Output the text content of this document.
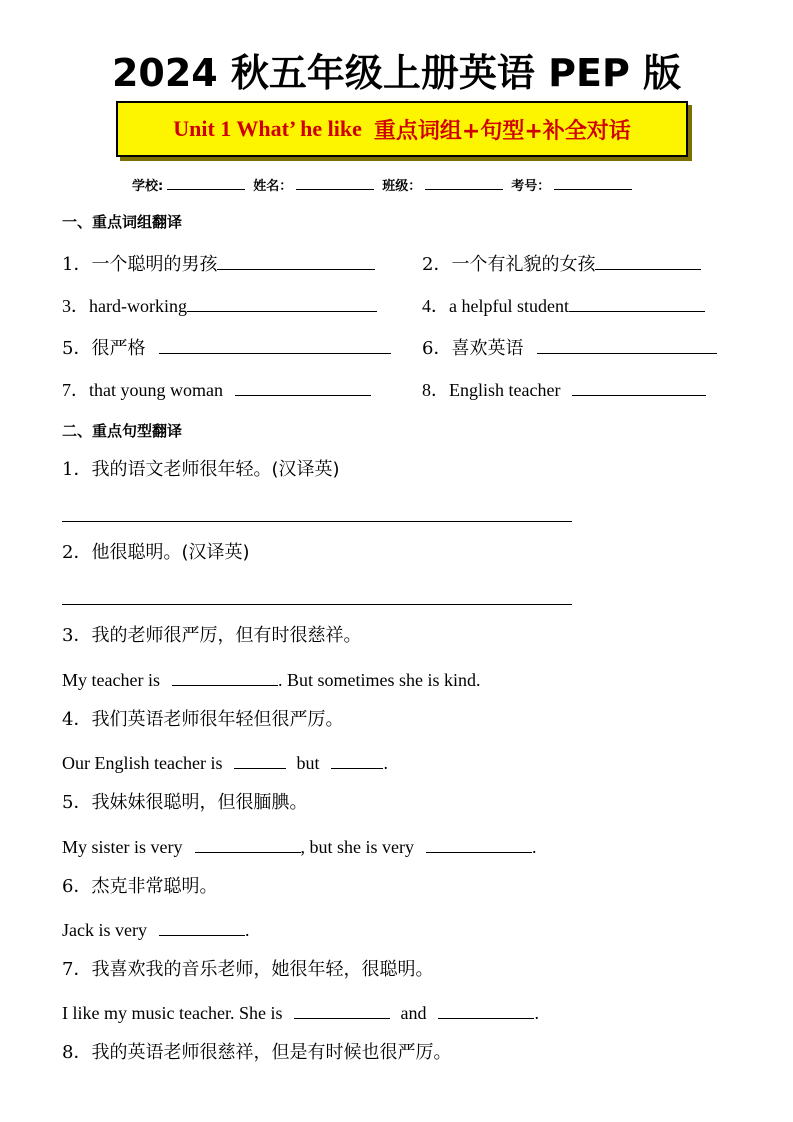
2024 秋五年级上册英语 PEP 版
Unit 1 What’ he like 重点词组+句型+补全对话
学校:	姓名：	班级：	考号：
一、重点词组翻译
1．一个聪明的男孩	2．一个有礼貌的女孩
3．hard-working	4．a helpful student
5．很严格	6．喜欢英语
7．that young woman	8．English teacher
二、重点句型翻译
1．我的语文老师很年轻。(汉译英)
2．他很聪明。(汉译英)
3．我的老师很严厉，但有时很慈祥。
My teacher is	. But sometimes she is kind.
4．我们英语老师很年轻但很严厉。
Our English teacher is	but	.
5．我妹妹很聪明，但很腼腆。
My sister is very	, but she is very	.
6．杰克非常聪明。
Jack is very	.
7．我喜欢我的音乐老师，她很年轻，很聪明。
I like my music teacher. She is	and	.
8．我的英语老师很慈祥，但是有时候也很严厉。
